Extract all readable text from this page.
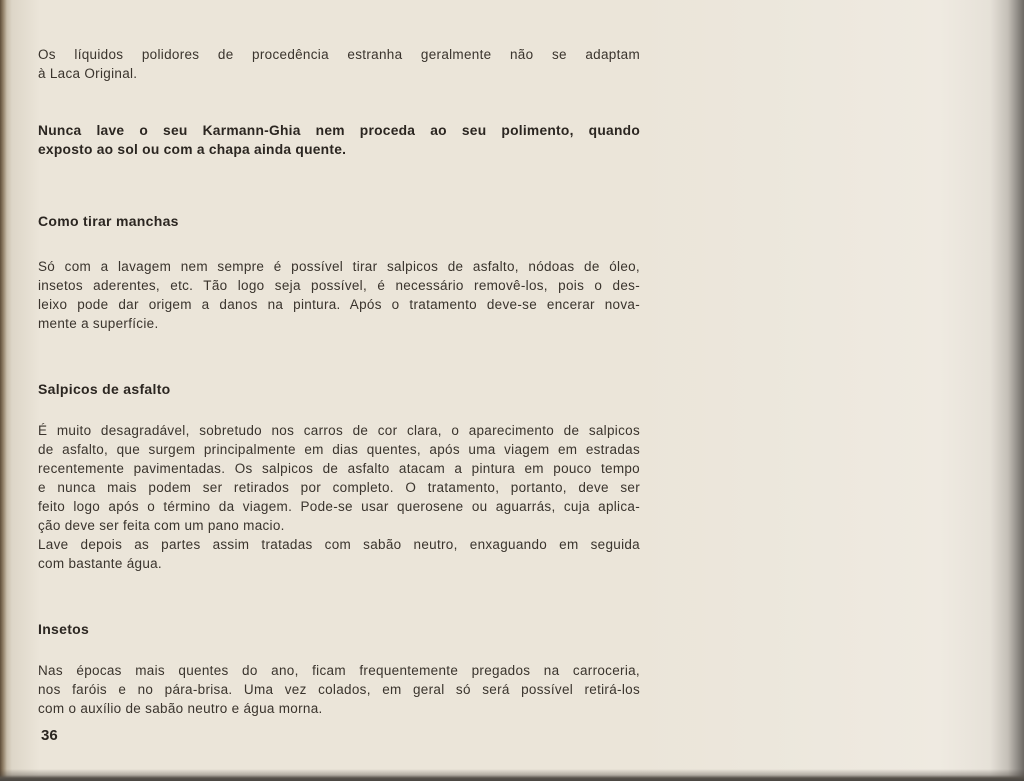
Os líquidos polidores de procedência estranha geralmente não se adaptam
à Laca Original.
Nunca lave o seu Karmann-Ghia nem proceda ao seu polimento, quando
exposto ao sol ou com a chapa ainda quente.
Como tirar manchas
Só com a lavagem nem sempre é possível tirar salpicos de asfalto, nódoas de óleo,
insetos aderentes, etc. Tão logo seja possível, é necessário removê-los, pois o des-
leixo pode dar origem a danos na pintura. Após o tratamento deve-se encerar nova-
mente a superfície.
Salpicos de asfalto
É muito desagradável, sobretudo nos carros de cor clara, o aparecimento de salpicos
de asfalto, que surgem principalmente em dias quentes, após uma viagem em estradas
recentemente pavimentadas. Os salpicos de asfalto atacam a pintura em pouco tempo
e nunca mais podem ser retirados por completo. O tratamento, portanto, deve ser
feito logo após o término da viagem. Pode-se usar querosene ou aguarrás, cuja aplica-
ção deve ser feita com um pano macio.
Lave depois as partes assim tratadas com sabão neutro, enxaguando em seguida
com bastante água.
Insetos
Nas épocas mais quentes do ano, ficam frequentemente pregados na carroceria,
nos faróis e no pára-brisa. Uma vez colados, em geral só será possível retirá-los
com o auxílio de sabão neutro e água morna.
36
